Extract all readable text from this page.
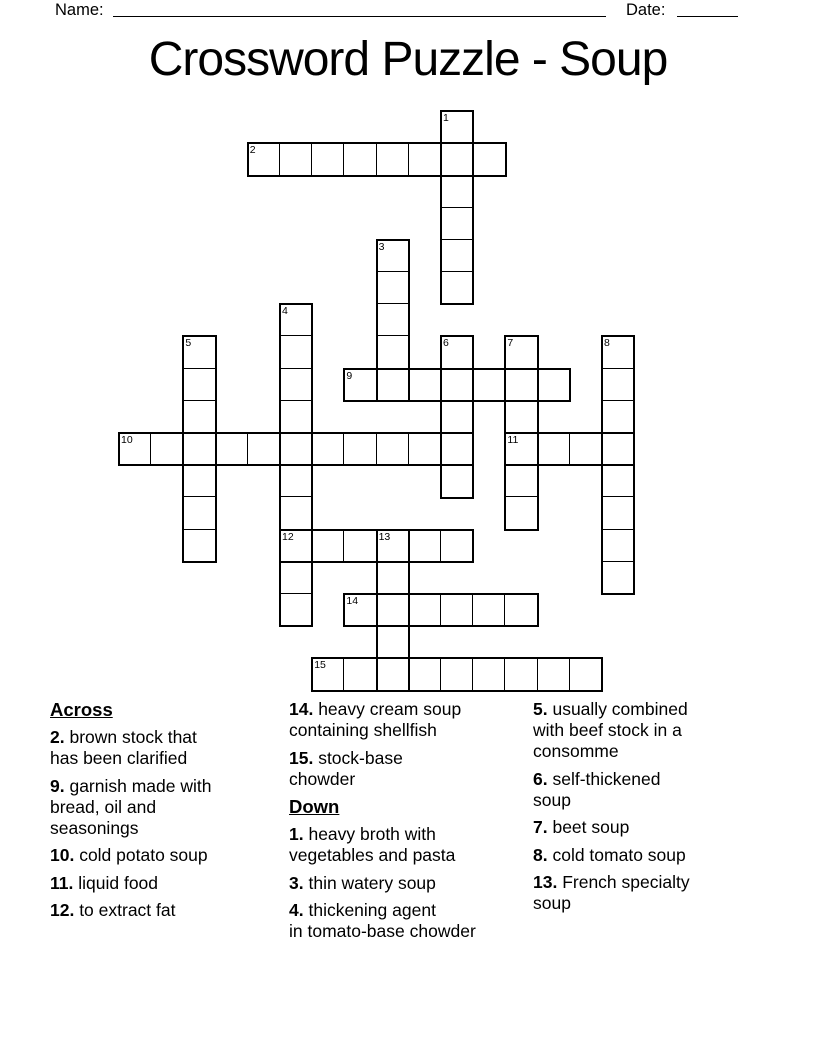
Name:	Date:
Crossword Puzzle - Soup
1
2
3
4
5	6	7	8
9
10	11
12	13
14
15

Across

2. brown stock that
has been clarified

9. garnish made with
bread, oil and
seasonings

10. cold potato soup

11. liquid food

12. to extract fat

14. heavy cream soup
containing shellfish

15. stock-base
chowder

Down

1. heavy broth with
vegetables and pasta

3. thin watery soup

4. thickening agent
in tomato-base chowder

5. usually combined
with beef stock in a
consomme

6. self-thickened
soup

7. beet soup

8. cold tomato soup

13. French specialty
soup
